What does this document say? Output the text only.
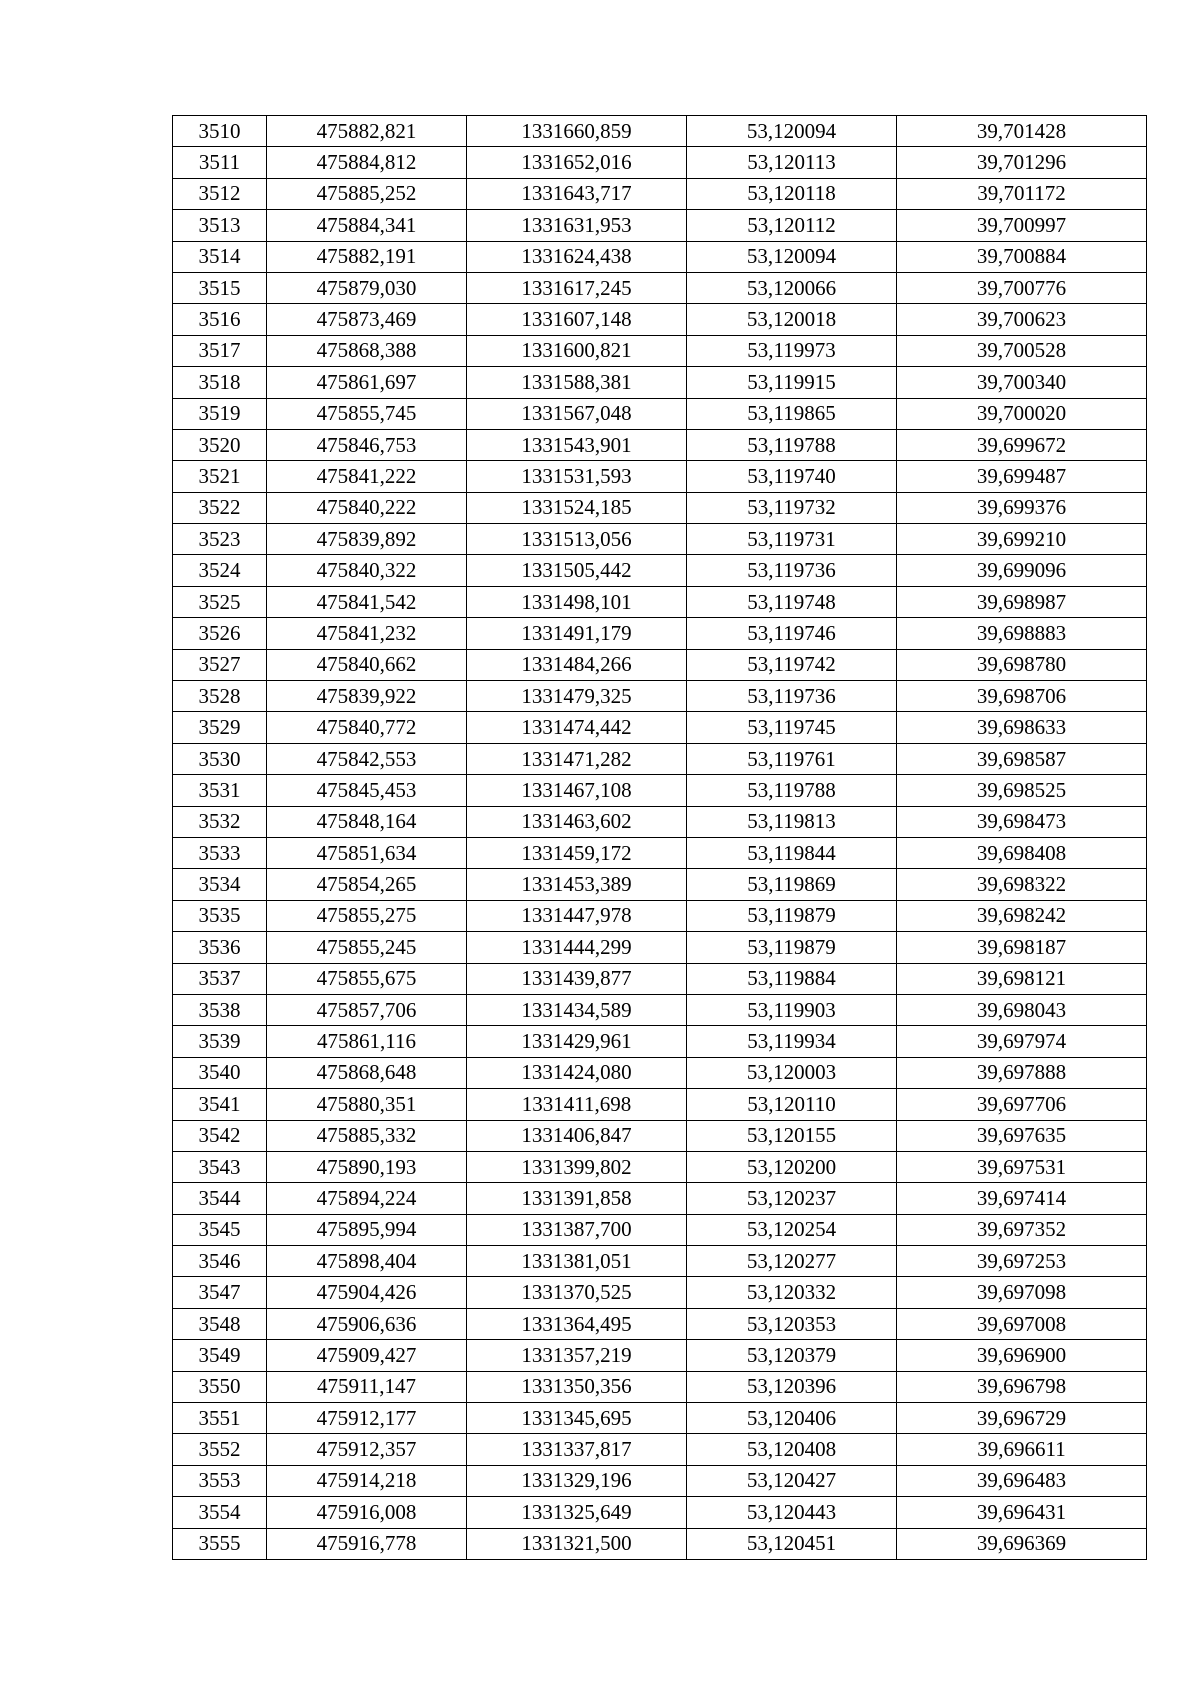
3510	475882,821	1331660,859	53,120094	39,701428
3511	475884,812	1331652,016	53,120113	39,701296
3512	475885,252	1331643,717	53,120118	39,701172
3513	475884,341	1331631,953	53,120112	39,700997
3514	475882,191	1331624,438	53,120094	39,700884
3515	475879,030	1331617,245	53,120066	39,700776
3516	475873,469	1331607,148	53,120018	39,700623
3517	475868,388	1331600,821	53,119973	39,700528
3518	475861,697	1331588,381	53,119915	39,700340
3519	475855,745	1331567,048	53,119865	39,700020
3520	475846,753	1331543,901	53,119788	39,699672
3521	475841,222	1331531,593	53,119740	39,699487
3522	475840,222	1331524,185	53,119732	39,699376
3523	475839,892	1331513,056	53,119731	39,699210
3524	475840,322	1331505,442	53,119736	39,699096
3525	475841,542	1331498,101	53,119748	39,698987
3526	475841,232	1331491,179	53,119746	39,698883
3527	475840,662	1331484,266	53,119742	39,698780
3528	475839,922	1331479,325	53,119736	39,698706
3529	475840,772	1331474,442	53,119745	39,698633
3530	475842,553	1331471,282	53,119761	39,698587
3531	475845,453	1331467,108	53,119788	39,698525
3532	475848,164	1331463,602	53,119813	39,698473
3533	475851,634	1331459,172	53,119844	39,698408
3534	475854,265	1331453,389	53,119869	39,698322
3535	475855,275	1331447,978	53,119879	39,698242
3536	475855,245	1331444,299	53,119879	39,698187
3537	475855,675	1331439,877	53,119884	39,698121
3538	475857,706	1331434,589	53,119903	39,698043
3539	475861,116	1331429,961	53,119934	39,697974
3540	475868,648	1331424,080	53,120003	39,697888
3541	475880,351	1331411,698	53,120110	39,697706
3542	475885,332	1331406,847	53,120155	39,697635
3543	475890,193	1331399,802	53,120200	39,697531
3544	475894,224	1331391,858	53,120237	39,697414
3545	475895,994	1331387,700	53,120254	39,697352
3546	475898,404	1331381,051	53,120277	39,697253
3547	475904,426	1331370,525	53,120332	39,697098
3548	475906,636	1331364,495	53,120353	39,697008
3549	475909,427	1331357,219	53,120379	39,696900
3550	475911,147	1331350,356	53,120396	39,696798
3551	475912,177	1331345,695	53,120406	39,696729
3552	475912,357	1331337,817	53,120408	39,696611
3553	475914,218	1331329,196	53,120427	39,696483
3554	475916,008	1331325,649	53,120443	39,696431
3555	475916,778	1331321,500	53,120451	39,696369
